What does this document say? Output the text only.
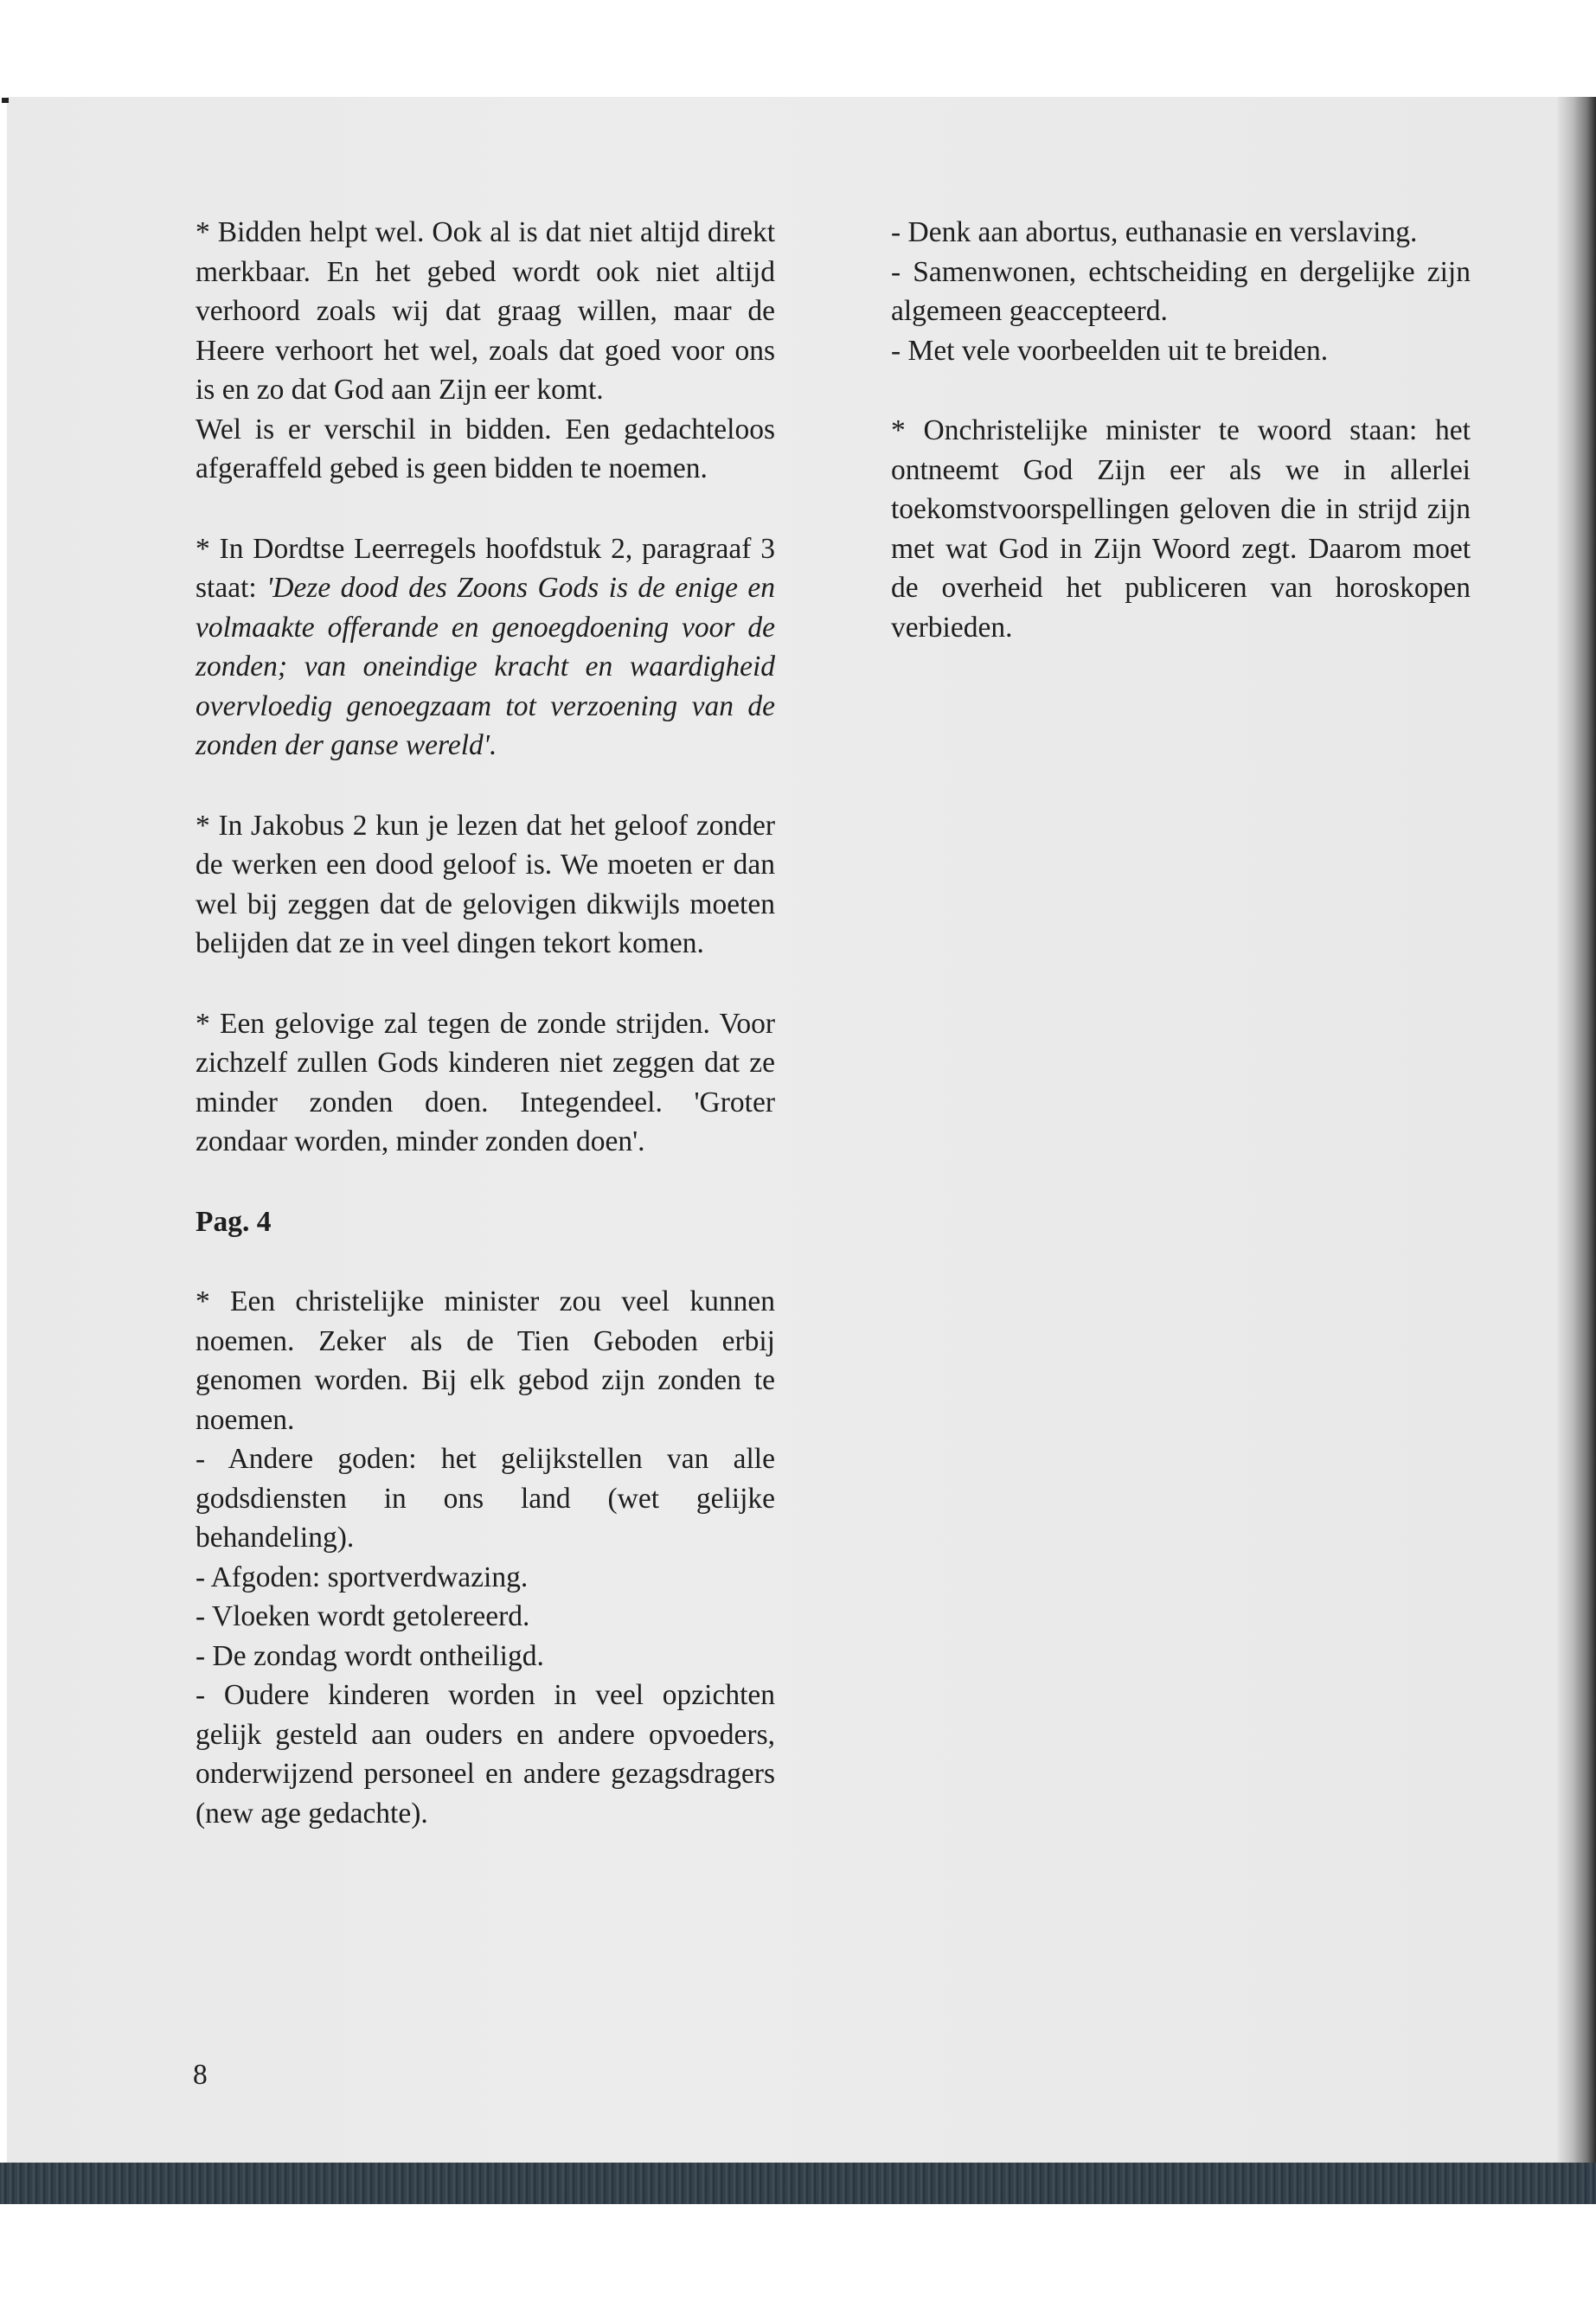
* Bidden helpt wel. Ook al is dat niet altijd direkt merkbaar. En het gebed wordt ook niet altijd verhoord zoals wij dat graag willen, maar de Heere verhoort het wel, zoals dat goed voor ons is en zo dat God aan Zijn eer komt.

Wel is er verschil in bidden. Een gedachteloos afgeraffeld gebed is geen bidden te noemen.

* In Dordtse Leerregels hoofdstuk 2, paragraaf 3 staat: 'Deze dood des Zoons Gods is de enige en volmaakte offerande en genoegdoening voor de zonden; van oneindige kracht en waardigheid overvloedig genoegzaam tot verzoening van de zonden der ganse wereld'.

* In Jakobus 2 kun je lezen dat het geloof zonder de werken een dood geloof is. We moeten er dan wel bij zeggen dat de gelovigen dikwijls moeten belijden dat ze in veel dingen tekort komen.

* Een gelovige zal tegen de zonde strijden. Voor zichzelf zullen Gods kinderen niet zeggen dat ze minder zonden doen. Integendeel. 'Groter zondaar worden, minder zonden doen'.

Pag. 4

* Een christelijke minister zou veel kunnen noemen. Zeker als de Tien Geboden erbij genomen worden. Bij elk gebod zijn zonden te noemen.

- Andere goden: het gelijkstellen van alle godsdiensten in ons land (wet gelijke behandeling).

- Afgoden: sportverdwazing.

- Vloeken wordt getolereerd.

- De zondag wordt ontheiligd.

- Oudere kinderen worden in veel opzichten gelijk gesteld aan ouders en andere opvoeders, onderwijzend personeel en andere gezagsdragers (new age gedachte).

- Denk aan abortus, euthanasie en verslaving.

- Samenwonen, echtscheiding en dergelijke zijn algemeen geaccepteerd.

- Met vele voorbeelden uit te breiden.

* Onchristelijke minister te woord staan: het ontneemt God Zijn eer als we in allerlei toekomstvoorspellingen geloven die in strijd zijn met wat God in Zijn Woord zegt. Daarom moet de overheid het publiceren van horoskopen verbieden.

8
